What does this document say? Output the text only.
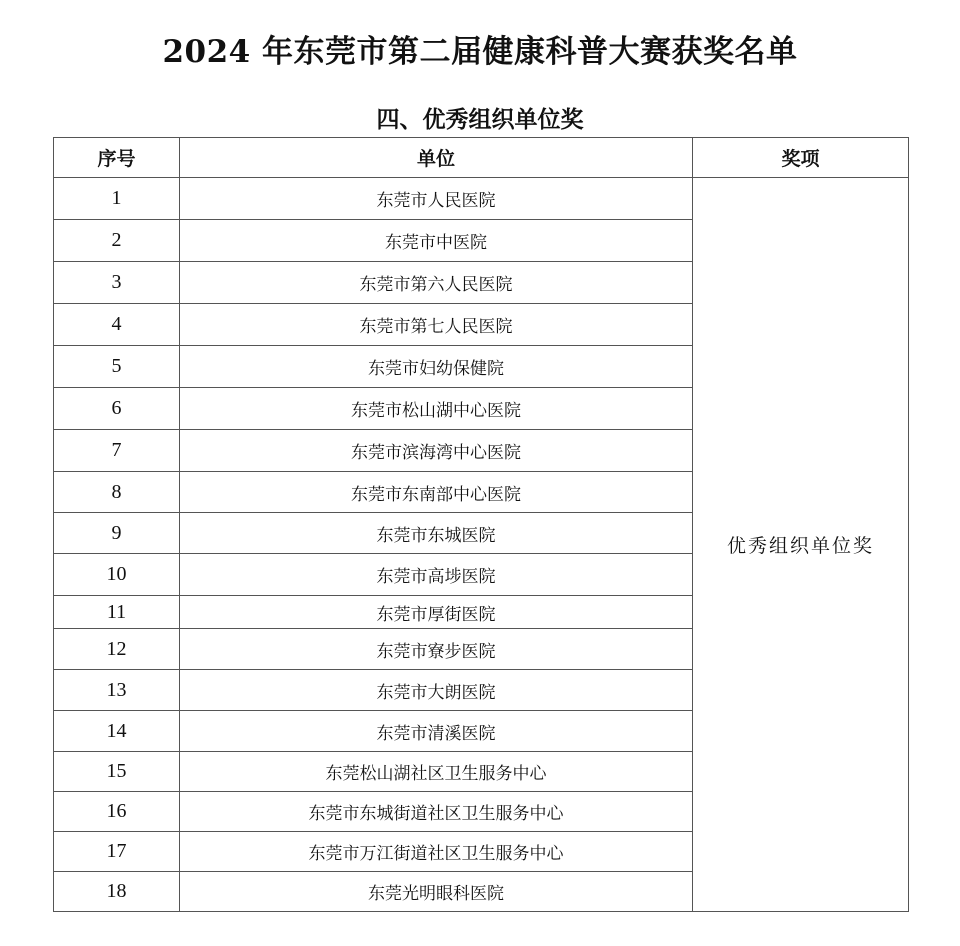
2024 年东莞市第二届健康科普大赛获奖名单
四、优秀组织单位奖
序号	单位	奖项
1	东莞市人民医院	优秀组织单位奖
2	东莞市中医院	
3	东莞市第六人民医院	
4	东莞市第七人民医院	
5	东莞市妇幼保健院	
6	东莞市松山湖中心医院	
7	东莞市滨海湾中心医院	
8	东莞市东南部中心医院	
9	东莞市东城医院	
10	东莞市高埗医院	
11	东莞市厚街医院	
12	东莞市寮步医院	
13	东莞市大朗医院	
14	东莞市清溪医院	
15	东莞松山湖社区卫生服务中心	
16	东莞市东城街道社区卫生服务中心	
17	东莞市万江街道社区卫生服务中心	
18	东莞光明眼科医院	
